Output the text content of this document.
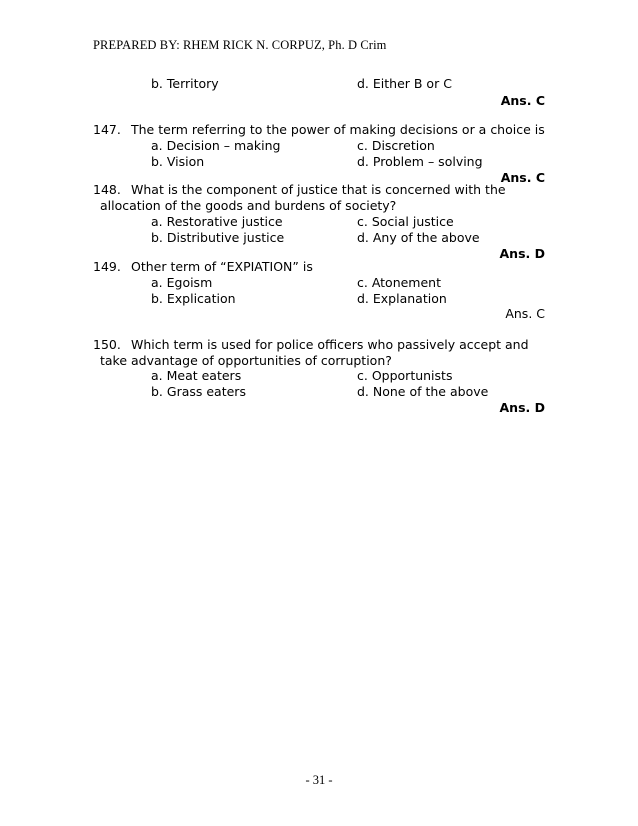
PREPARED BY: RHEM RICK N. CORPUZ, Ph. D Crim
b. Territory	d. Either B or C
Ans. C
147. The term referring to the power of making decisions or a choice is
a. Decision – making	c. Discretion
b. Vision	d. Problem – solving
Ans. C
148. What is the component of justice that is concerned with the
allocation of the goods and burdens of society?
a. Restorative justice	c. Social justice
b. Distributive justice	d. Any of the above
Ans. D
149. Other term of “EXPIATION” is
a. Egoism	c. Atonement
b. Explication	d. Explanation
Ans. C
150. Which term is used for police officers who passively accept and
take advantage of opportunities of corruption?
a. Meat eaters	c. Opportunists
b. Grass eaters	d. None of the above
Ans. D
- 31 -
